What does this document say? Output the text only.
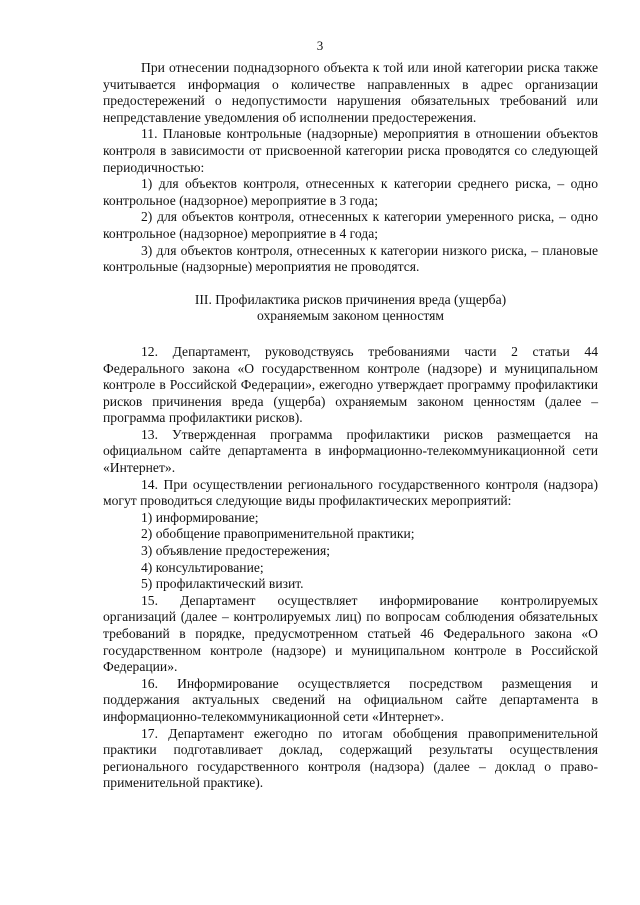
3

При отнесении поднадзорного объекта к той или иной категории риска также учитывается информация о количестве направленных в адрес организации предостережений о недопустимости нарушения обязательных требований или непредставление уведомления об исполнении предостережения.

11. Плановые контрольные (надзорные) мероприятия в отношении объектов контроля в зависимости от присвоенной категории риска проводятся со следующей периодичностью:

1) для объектов контроля, отнесенных к категории среднего риска, – одно контрольное (надзорное) мероприятие в 3 года;

2) для объектов контроля, отнесенных к категории умеренного риска, – одно контрольное (надзорное) мероприятие в 4 года;

3) для объектов контроля, отнесенных к категории низкого риска, – плановые контрольные (надзорные) мероприятия не проводятся.

III. Профилактика рисков причинения вреда (ущерба)
охраняемым законом ценностям

12. Департамент, руководствуясь требованиями части 2 статьи 44 Федерального закона «О государственном контроле (надзоре) и муниципальном контроле в Российской Федерации», ежегодно утверждает программу профилактики рисков причинения вреда (ущерба) охраняемым законом ценностям (далее – программа профилактики рисков).

13. Утвержденная программа профилактики рисков размещается на официальном сайте департамента в информационно-телекоммуникационной сети «Интернет».

14. При осуществлении регионального государственного контроля (надзора) могут проводиться следующие виды профилактических мероприятий:

1) информирование;

2) обобщение правоприменительной практики;

3) объявление предостережения;

4) консультирование;

5) профилактический визит.

15. Департамент осуществляет информирование контролируемых организаций (далее – контролируемых лиц) по вопросам соблюдения обязательных требований в порядке, предусмотренном статьей 46 Федерального закона «О государственном контроле (надзоре) и муниципальном контроле в Российской Федерации».

16. Информирование осуществляется посредством размещения и поддержания актуальных сведений на официальном сайте департамента в информационно-телекоммуникационной сети «Интернет».

17. Департамент ежегодно по итогам обобщения правоприменительной практики подготавливает доклад, содержащий результаты осуществления регионального государственного контроля (надзора) (далее – доклад о правоприменительной практике).
